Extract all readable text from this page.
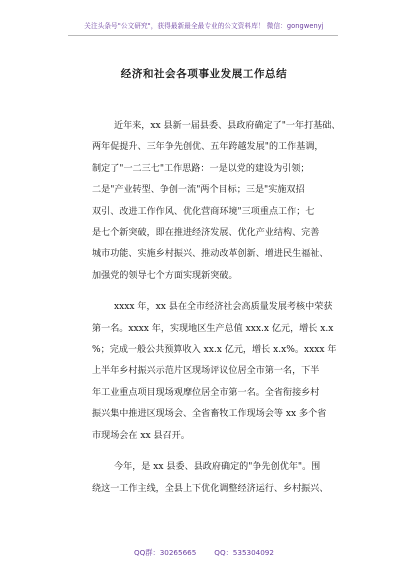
关注头条号"公文研究"，获得最新最全最专业的公文资料库！ 微信：gongwenyj
经济和社会各项事业发展工作总结
近年来，xx 县新一届县委、县政府确定了"一年打基础、
两年促提升、三年争先创优、五年跨越发展"的工作基调，
制定了"一二三七"工作思路：一是以党的建设为引领；
二是"产业转型、争创一流"两个目标；三是"实施双招
双引、改进工作作风、优化营商环境"三项重点工作；七
是七个新突破，即在推进经济发展、优化产业结构、完善
城市功能、实施乡村振兴、推动改革创新、增进民生福祉、
加强党的领导七个方面实现新突破。
xxxx 年，xx 县在全市经济社会高质量发展考核中荣获
第一名。xxxx 年，实现地区生产总值 xxx.x 亿元，增长 x.x
%；完成一般公共预算收入 xx.x 亿元，增长 x.x%。xxxx 年
上半年乡村振兴示范片区现场评议位居全市第一名，下半
年工业重点项目现场观摩位居全市第一名。全省衔接乡村
振兴集中推进区现场会、全省畜牧工作现场会等 xx 多个省
市现场会在 xx 县召开。
今年，是 xx 县委、县政府确定的"争先创优年"。围
绕这一工作主线，全县上下优化调整经济运行、乡村振兴、
QQ群：30265665	QQ：535304092
